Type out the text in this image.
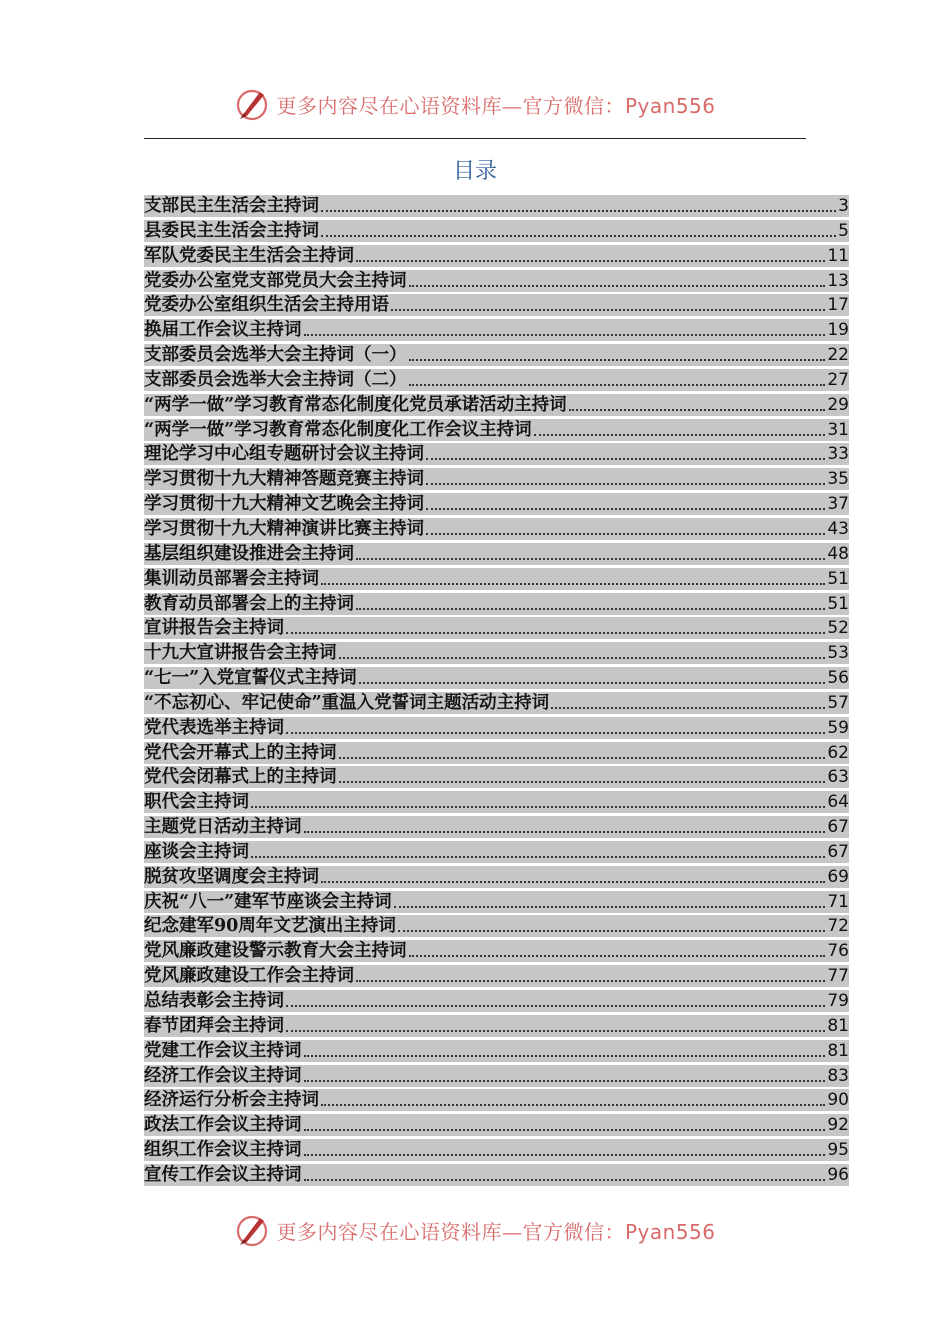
更多内容尽在心语资料库—官方微信：Pyan556
目录
支部民主生活会主持词	3
县委民主生活会主持词	5
军队党委民主生活会主持词	11
党委办公室党支部党员大会主持词	13
党委办公室组织生活会主持用语	17
换届工作会议主持词	19
支部委员会选举大会主持词（一）	22
支部委员会选举大会主持词（二）	27
“两学一做”学习教育常态化制度化党员承诺活动主持词	29
“两学一做”学习教育常态化制度化工作会议主持词	31
理论学习中心组专题研讨会议主持词	33
学习贯彻十九大精神答题竞赛主持词	35
学习贯彻十九大精神文艺晚会主持词	37
学习贯彻十九大精神演讲比赛主持词	43
基层组织建设推进会主持词	48
集训动员部署会主持词	51
教育动员部署会上的主持词	51
宣讲报告会主持词	52
十九大宣讲报告会主持词	53
“七一”入党宣誓仪式主持词	56
“不忘初心、牢记使命”重温入党誓词主题活动主持词	57
党代表选举主持词	59
党代会开幕式上的主持词	62
党代会闭幕式上的主持词	63
职代会主持词	64
主题党日活动主持词	67
座谈会主持词	67
脱贫攻坚调度会主持词	69
庆祝“八一”建军节座谈会主持词	71
纪念建军90周年文艺演出主持词	72
党风廉政建设警示教育大会主持词	76
党风廉政建设工作会主持词	77
总结表彰会主持词	79
春节团拜会主持词	81
党建工作会议主持词	81
经济工作会议主持词	83
经济运行分析会主持词	90
政法工作会议主持词	92
组织工作会议主持词	95
宣传工作会议主持词	96
更多内容尽在心语资料库—官方微信：Pyan556
